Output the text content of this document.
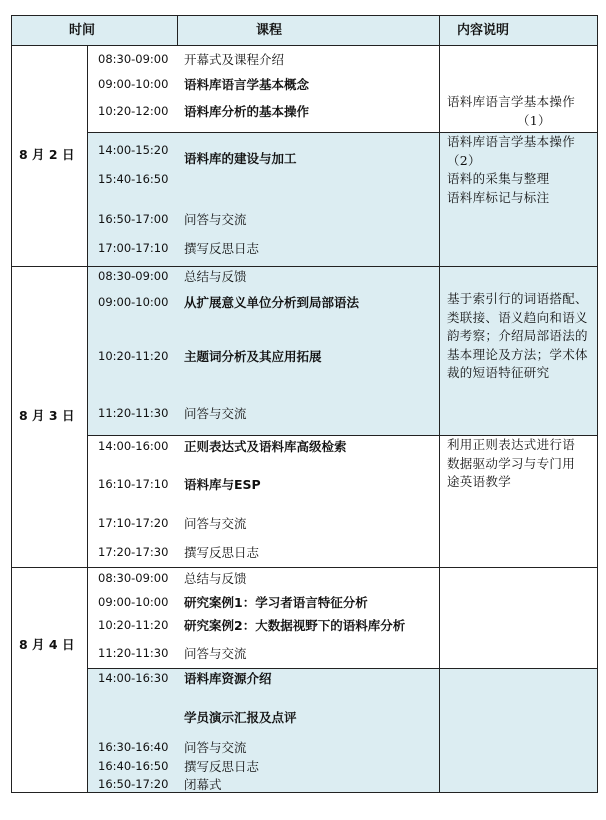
时间	课程	内容说明
8 月 2 日
8 月 3 日
8 月 4 日
08:30-09:00 开幕式及课程介绍
09:00-10:00 语料库语言学基本概念
10:20-12:00 语料库分析的基本操作
语料库语言学基本操作
（1）
14:00-15:20
语料库的建设与加工
15:40-16:50
16:50-17:00 问答与交流
17:00-17:10 撰写反思日志
语料库语言学基本操作
（2）
语料的采集与整理
语料库标记与标注
08:30-09:00 总结与反馈
09:00-10:00 从扩展意义单位分析到局部语法
10:20-11:20 主题词分析及其应用拓展
11:20-11:30 问答与交流
基于索引行的词语搭配、
类联接、语义趋向和语义
韵考察；介绍局部语法的
基本理论及方法；学术体
裁的短语特征研究
14:00-16:00 正则表达式及语料库高级检索
16:10-17:10 语料库与ESP
17:10-17:20 问答与交流
17:20-17:30 撰写反思日志
利用正则表达式进行语
数据驱动学习与专门用
途英语教学
08:30-09:00 总结与反馈
09:00-10:00 研究案例1：学习者语言特征分析
10:20-11:20 研究案例2：大数据视野下的语料库分析
11:20-11:30 问答与交流
14:00-16:30 语料库资源介绍
学员演示汇报及点评
16:30-16:40 问答与交流
16:40-16:50 撰写反思日志
16:50-17:20 闭幕式
